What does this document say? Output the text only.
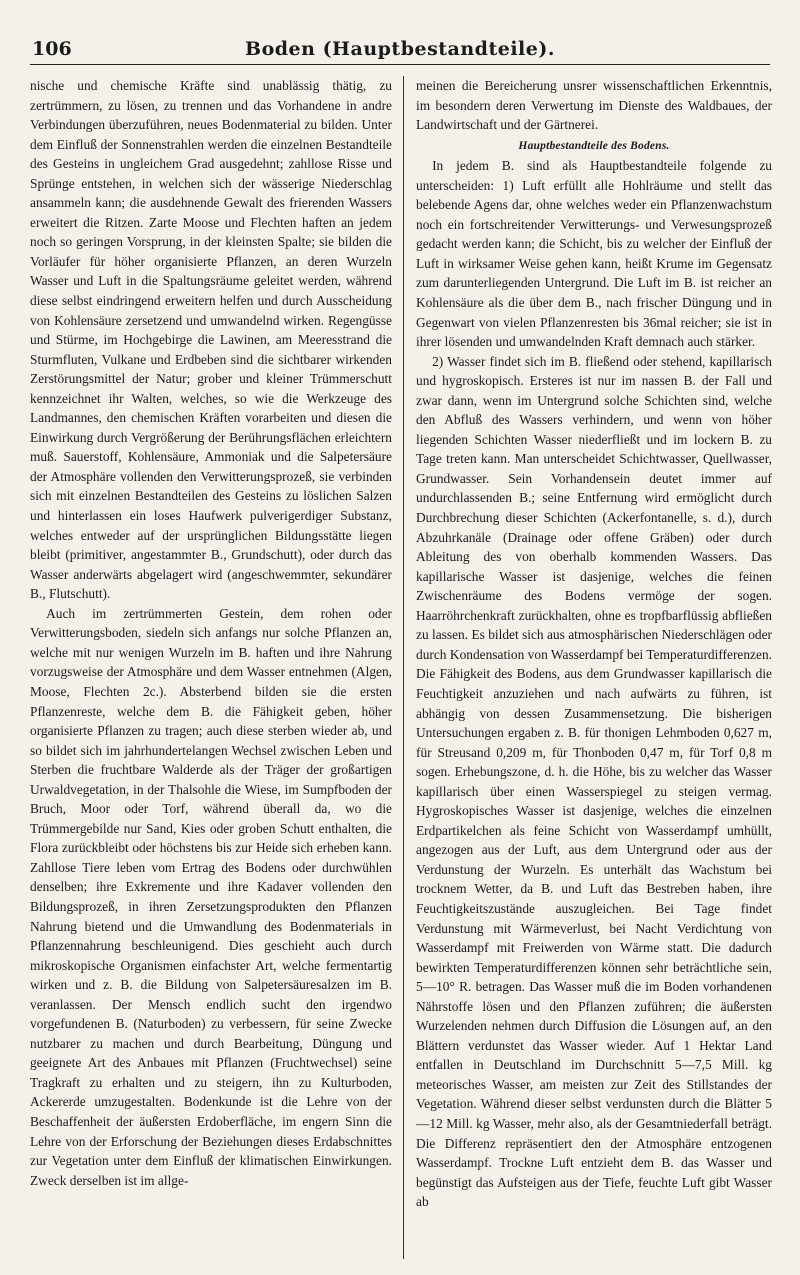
106	Boden (Hauptbestandteile).

nische und chemische Kräfte sind unablässig thätig, zu zertrümmern, zu lösen, zu trennen und das Vorhandene in andre Verbindungen überzuführen, neues Bodenmaterial zu bilden. Unter dem Einfluß der Sonnenstrahlen werden die einzelnen Bestandteile des Gesteins in ungleichem Grad ausgedehnt; zahllose Risse und Sprünge entstehen, in welchen sich der wässerige Niederschlag ansammeln kann; die ausdehnende Gewalt des frierenden Wassers erweitert die Ritzen. Zarte Moose und Flechten haften an jedem noch so geringen Vorsprung, in der kleinsten Spalte; sie bilden die Vorläufer für höher organisierte Pflanzen, an deren Wurzeln Wasser und Luft in die Spaltungsräume geleitet werden, während diese selbst eindringend erweitern helfen und durch Ausscheidung von Kohlensäure zersetzend und umwandelnd wirken. Regengüsse und Stürme, im Hochgebirge die Lawinen, am Meeresstrand die Sturmfluten, Vulkane und Erdbeben sind die sichtbarer wirkenden Zerstörungsmittel der Natur; grober und kleiner Trümmerschutt kennzeichnet ihr Walten, welches, so wie die Werkzeuge des Landmannes, den chemischen Kräften vorarbeiten und diesen die Einwirkung durch Vergrößerung der Berührungsflächen erleichtern muß. Sauerstoff, Kohlensäure, Ammoniak und die Salpetersäure der Atmosphäre vollenden den Verwitterungsprozeß, sie verbinden sich mit einzelnen Bestandteilen des Gesteins zu löslichen Salzen und hinterlassen ein loses Haufwerk pulverigerdiger Substanz, welches entweder auf der ursprünglichen Bildungsstätte liegen bleibt (primitiver, angestammter B., Grundschutt), oder durch das Wasser anderwärts abgelagert wird (angeschwemmter, sekundärer B., Flutschutt).

Auch im zertrümmerten Gestein, dem rohen oder Verwitterungsboden, siedeln sich anfangs nur solche Pflanzen an, welche mit nur wenigen Wurzeln im B. haften und ihre Nahrung vorzugsweise der Atmosphäre und dem Wasser entnehmen (Algen, Moose, Flechten 2c.). Absterbend bilden sie die ersten Pflanzenreste, welche dem B. die Fähigkeit geben, höher organisierte Pflanzen zu tragen; auch diese sterben wieder ab, und so bildet sich im jahrhundertelangen Wechsel zwischen Leben und Sterben die fruchtbare Walderde als der Träger der großartigen Urwaldvegetation, in der Thalsohle die Wiese, im Sumpfboden der Bruch, Moor oder Torf, während überall da, wo die Trümmergebilde nur Sand, Kies oder groben Schutt enthalten, die Flora zurückbleibt oder höchstens bis zur Heide sich erheben kann. Zahllose Tiere leben vom Ertrag des Bodens oder durchwühlen denselben; ihre Exkremente und ihre Kadaver vollenden den Bildungsprozeß, in ihren Zersetzungsprodukten den Pflanzen Nahrung bietend und die Umwandlung des Bodenmaterials in Pflanzennahrung beschleunigend. Dies geschieht auch durch mikroskopische Organismen einfachster Art, welche fermentartig wirken und z. B. die Bildung von Salpetersäuresalzen im B. veranlassen. Der Mensch endlich sucht den irgendwo vorgefundenen B. (Naturboden) zu verbessern, für seine Zwecke nutzbarer zu machen und durch Bearbeitung, Düngung und geeignete Art des Anbaues mit Pflanzen (Fruchtwechsel) seine Tragkraft zu erhalten und zu steigern, ihn zu Kulturboden, Ackererde umzugestalten. Bodenkunde ist die Lehre von der Beschaffenheit der äußersten Erdoberfläche, im engern Sinn die Lehre von der Erforschung der Beziehungen dieses Erdabschnittes zur Vegetation unter dem Einfluß der klimatischen Einwirkungen. Zweck derselben ist im allge-

meinen die Bereicherung unsrer wissenschaftlichen Erkenntnis, im besondern deren Verwertung im Dienste des Waldbaues, der Landwirtschaft und der Gärtnerei.

Hauptbestandteile des Bodens.

In jedem B. sind als Hauptbestandteile folgende zu unterscheiden: 1) Luft erfüllt alle Hohlräume und stellt das belebende Agens dar, ohne welches weder ein Pflanzenwachstum noch ein fortschreitender Verwitterungs- und Verwesungsprozeß gedacht werden kann; die Schicht, bis zu welcher der Einfluß der Luft in wirksamer Weise gehen kann, heißt Krume im Gegensatz zum darunterliegenden Untergrund. Die Luft im B. ist reicher an Kohlensäure als die über dem B., nach frischer Düngung und in Gegenwart von vielen Pflanzenresten bis 36mal reicher; sie ist in ihrer lösenden und umwandelnden Kraft demnach auch stärker.

2) Wasser findet sich im B. fließend oder stehend, kapillarisch und hygroskopisch. Ersteres ist nur im nassen B. der Fall und zwar dann, wenn im Untergrund solche Schichten sind, welche den Abfluß des Wassers verhindern, und wenn von höher liegenden Schichten Wasser niederfließt und im lockern B. zu Tage treten kann. Man unterscheidet Schichtwasser, Quellwasser, Grundwasser. Sein Vorhandensein deutet immer auf undurchlassenden B.; seine Entfernung wird ermöglicht durch Durchbrechung dieser Schichten (Ackerfontanelle, s. d.), durch Abzuhrkanäle (Drainage oder offene Gräben) oder durch Ableitung des von oberhalb kommenden Wassers. Das kapillarische Wasser ist dasjenige, welches die feinen Zwischenräume des Bodens vermöge der sogen. Haarröhrchenkraft zurückhalten, ohne es tropfbarflüssig abfließen zu lassen. Es bildet sich aus atmosphärischen Niederschlägen oder durch Kondensation von Wasserdampf bei Temperaturdifferenzen. Die Fähigkeit des Bodens, aus dem Grundwasser kapillarisch die Feuchtigkeit anzuziehen und nach aufwärts zu führen, ist abhängig von dessen Zusammensetzung. Die bisherigen Untersuchungen ergaben z. B. für thonigen Lehmboden 0,627 m, für Streusand 0,209 m, für Thonboden 0,47 m, für Torf 0,8 m sogen. Erhebungszone, d. h. die Höhe, bis zu welcher das Wasser kapillarisch über einen Wasserspiegel zu steigen vermag. Hygroskopisches Wasser ist dasjenige, welches die einzelnen Erdpartikelchen als feine Schicht von Wasserdampf umhüllt, angezogen aus der Luft, aus dem Untergrund oder aus der Verdunstung der Wurzeln. Es unterhält das Wachstum bei trocknem Wetter, da B. und Luft das Bestreben haben, ihre Feuchtigkeitszustände auszugleichen. Bei Tage findet Verdunstung mit Wärmeverlust, bei Nacht Verdichtung von Wasserdampf mit Freiwerden von Wärme statt. Die dadurch bewirkten Temperaturdifferenzen können sehr beträchtliche sein, 5—10° R. betragen. Das Wasser muß die im Boden vorhandenen Nährstoffe lösen und den Pflanzen zuführen; die äußersten Wurzelenden nehmen durch Diffusion die Lösungen auf, an den Blättern verdunstet das Wasser wieder. Auf 1 Hektar Land entfallen in Deutschland im Durchschnitt 5—7,5 Mill. kg meteorisches Wasser, am meisten zur Zeit des Stillstandes der Vegetation. Während dieser selbst verdunsten durch die Blätter 5—12 Mill. kg Wasser, mehr also, als der Gesamtniederfall beträgt. Die Differenz repräsentiert den der Atmosphäre entzogenen Wasserdampf. Trockne Luft entzieht dem B. das Wasser und begünstigt das Aufsteigen aus der Tiefe, feuchte Luft gibt Wasser ab
